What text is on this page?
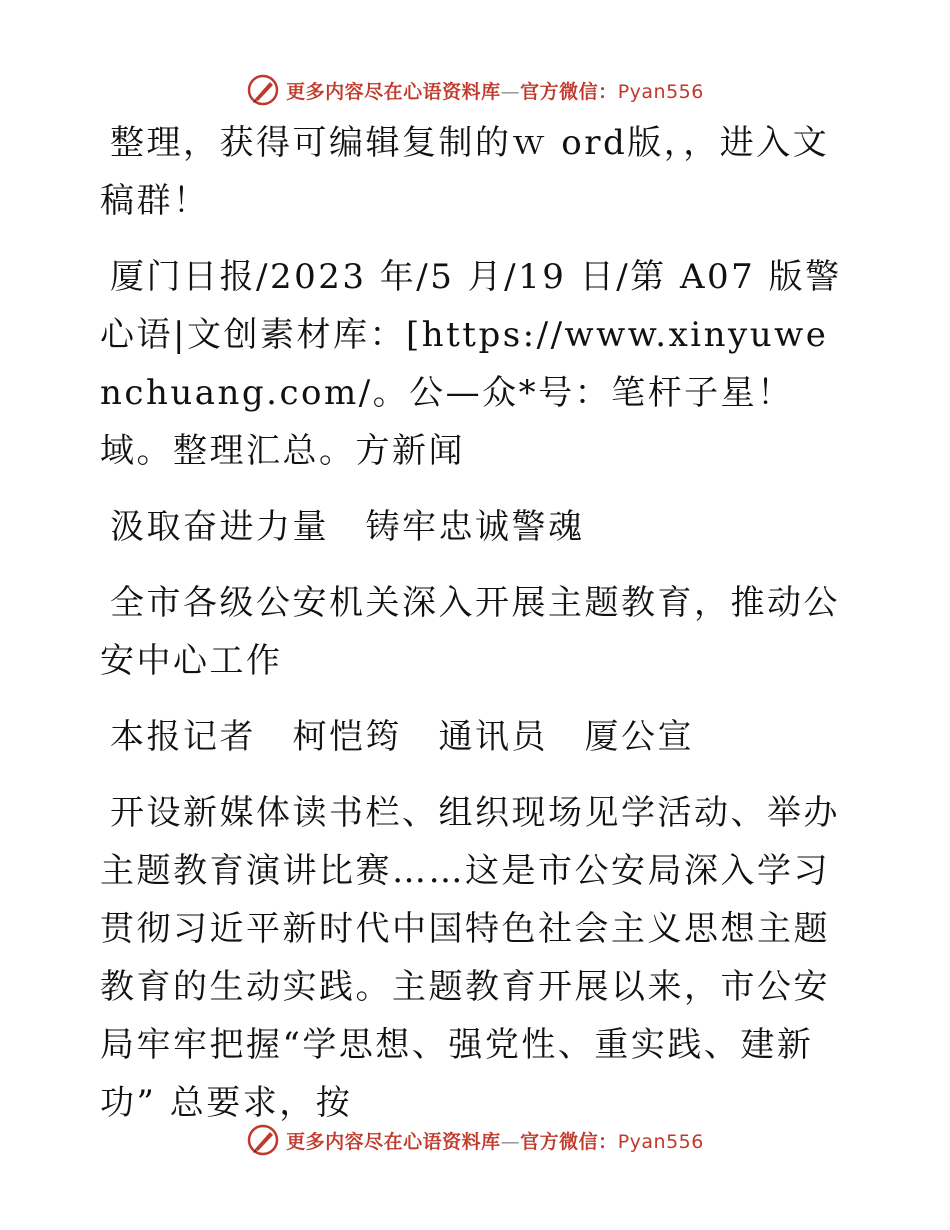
更多内容尽在心语资料库—官方微信：Pyan556

整理，获得可编辑复制的ｗ ord版，，进入文稿群！

厦门日报/2023 年/5 月/19 日/第 A07 版警心语|文创素材库：[https://www.xinyuwenchuang.com/。公—众*号：笔杆子星！域。整理汇总。方新闻

汲取奋进力量　铸牢忠诚警魂

全市各级公安机关深入开展主题教育，推动公安中心工作

本报记者　柯恺筠　通讯员　厦公宣

开设新媒体读书栏、组织现场见学活动、举办主题教育演讲比赛……这是市公安局深入学习贯彻习近平新时代中国特色社会主义思想主题教育的生动实践。主题教育开展以来，市公安局牢牢把握“学思想、强党性、重实践、建新功” 总要求，按

更多内容尽在心语资料库—官方微信：Pyan556
